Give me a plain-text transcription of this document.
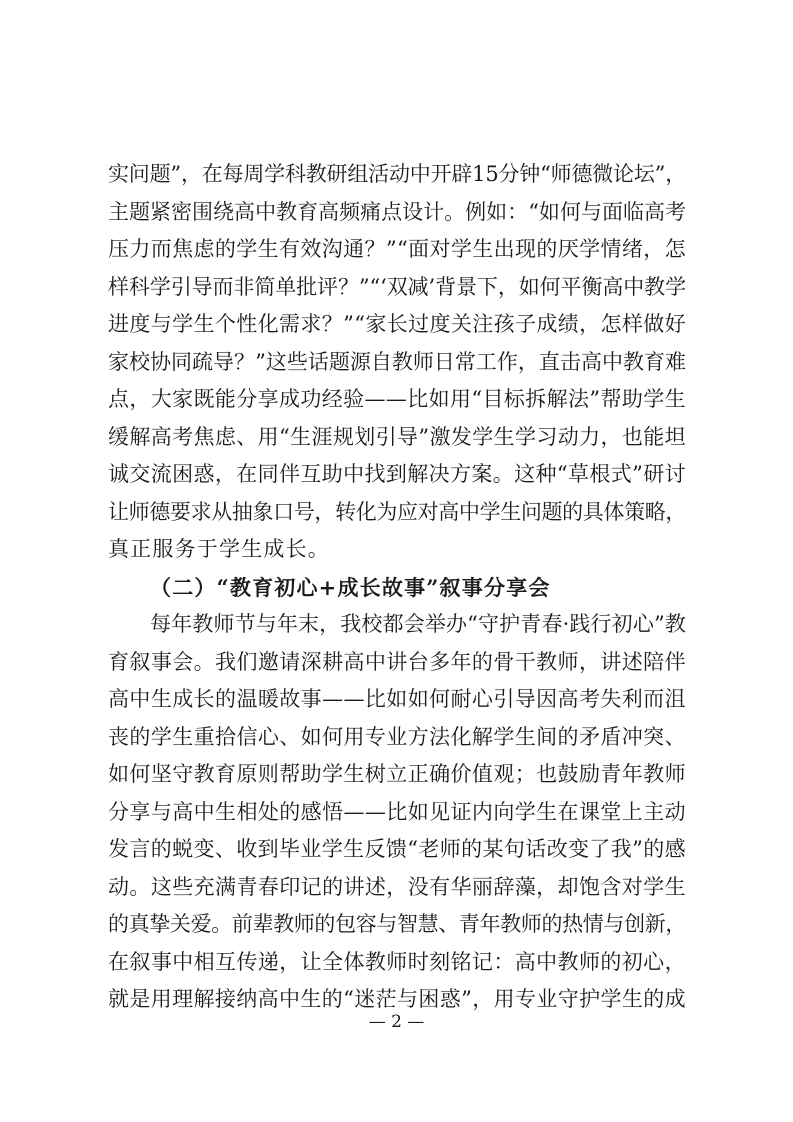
实问题”，在每周学科教研组活动中开辟15分钟“师德微论坛”，
主题紧密围绕高中教育高频痛点设计。例如：“如何与面临高考
压力而焦虑的学生有效沟通？”“面对学生出现的厌学情绪，怎
样科学引导而非简单批评？”“‘双减’背景下，如何平衡高中教学
进度与学生个性化需求？”“家长过度关注孩子成绩，怎样做好
家校协同疏导？”这些话题源自教师日常工作，直击高中教育难
点，大家既能分享成功经验——比如用“目标拆解法”帮助学生
缓解高考焦虑、用“生涯规划引导”激发学生学习动力，也能坦
诚交流困惑，在同伴互助中找到解决方案。这种“草根式”研讨
让师德要求从抽象口号，转化为应对高中学生问题的具体策略，
真正服务于学生成长。
（二）“教育初心+成长故事”叙事分享会
每年教师节与年末，我校都会举办“守护青春·践行初心”教
育叙事会。我们邀请深耕高中讲台多年的骨干教师，讲述陪伴
高中生成长的温暖故事——比如如何耐心引导因高考失利而沮
丧的学生重拾信心、如何用专业方法化解学生间的矛盾冲突、
如何坚守教育原则帮助学生树立正确价值观；也鼓励青年教师
分享与高中生相处的感悟——比如见证内向学生在课堂上主动
发言的蜕变、收到毕业学生反馈“老师的某句话改变了我”的感
动。这些充满青春印记的讲述，没有华丽辞藻，却饱含对学生
的真挚关爱。前辈教师的包容与智慧、青年教师的热情与创新，
在叙事中相互传递，让全体教师时刻铭记：高中教师的初心，
就是用理解接纳高中生的“迷茫与困惑”，用专业守护学生的成
— 2 —
